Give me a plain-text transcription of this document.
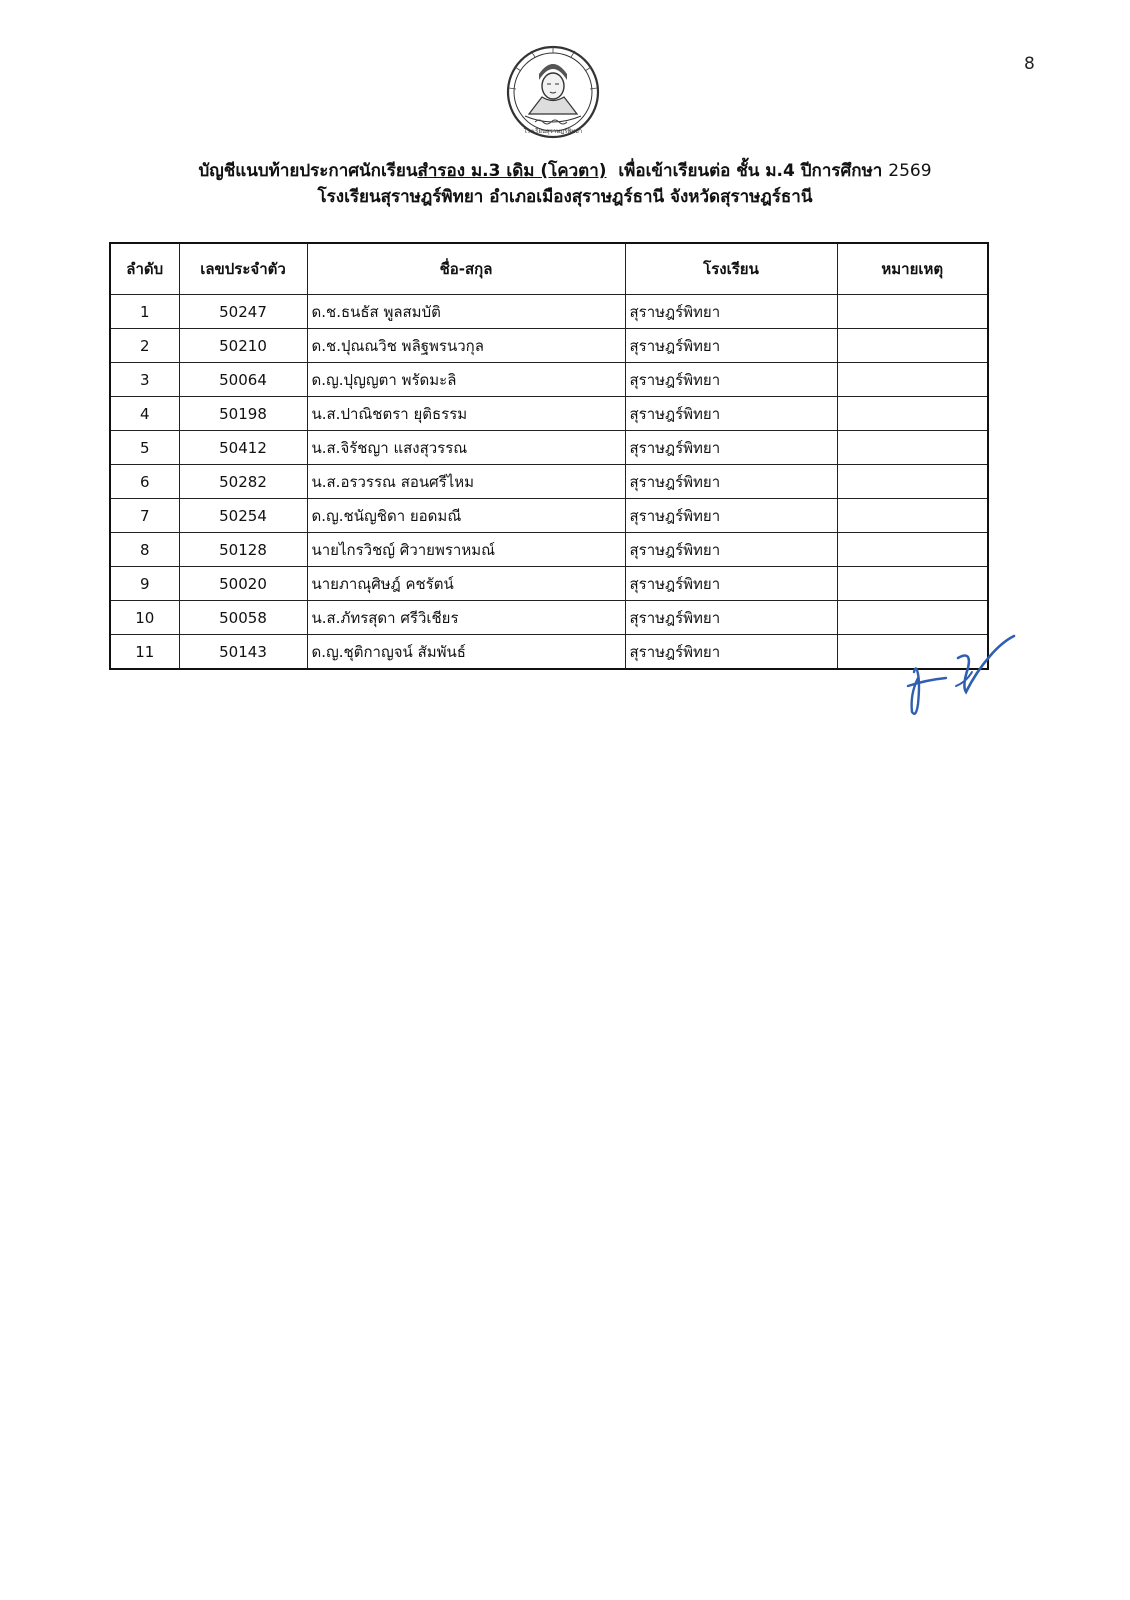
8
โรงเรียนสุราษฎร์พิทยา
บัญชีแนบท้ายประกาศนักเรียนสำรอง ม.3 เดิม (โควตา)  เพื่อเข้าเรียนต่อ ชั้น ม.4 ปีการศึกษา 2569
โรงเรียนสุราษฎร์พิทยา อำเภอเมืองสุราษฎร์ธานี จังหวัดสุราษฎร์ธานี
ลำดับ	เลขประจำตัว	ชื่อ-สกุล	โรงเรียน	หมายเหตุ
1	50247	ด.ช.ธนธัส พูลสมบัติ	สุราษฎร์พิทยา	
2	50210	ด.ช.ปุณณวิช พลิฐพรนวกุล	สุราษฎร์พิทยา	
3	50064	ด.ญ.ปุญญตา พรัดมะลิ	สุราษฎร์พิทยา	
4	50198	น.ส.ปาณิชตรา ยุติธรรม	สุราษฎร์พิทยา	
5	50412	น.ส.จิรัชญา แสงสุวรรณ	สุราษฎร์พิทยา	
6	50282	น.ส.อรวรรณ สอนศรีไหม	สุราษฎร์พิทยา	
7	50254	ด.ญ.ชนัญชิดา ยอดมณี	สุราษฎร์พิทยา	
8	50128	นายไกรวิชญ์ ศิวายพราหมณ์	สุราษฎร์พิทยา	
9	50020	นายภาณุศิษฎ์ คชรัตน์	สุราษฎร์พิทยา	
10	50058	น.ส.ภัทรสุดา ศรีวิเชียร	สุราษฎร์พิทยา	
11	50143	ด.ญ.ชุติกาญจน์ สัมพันธ์	สุราษฎร์พิทยา	
